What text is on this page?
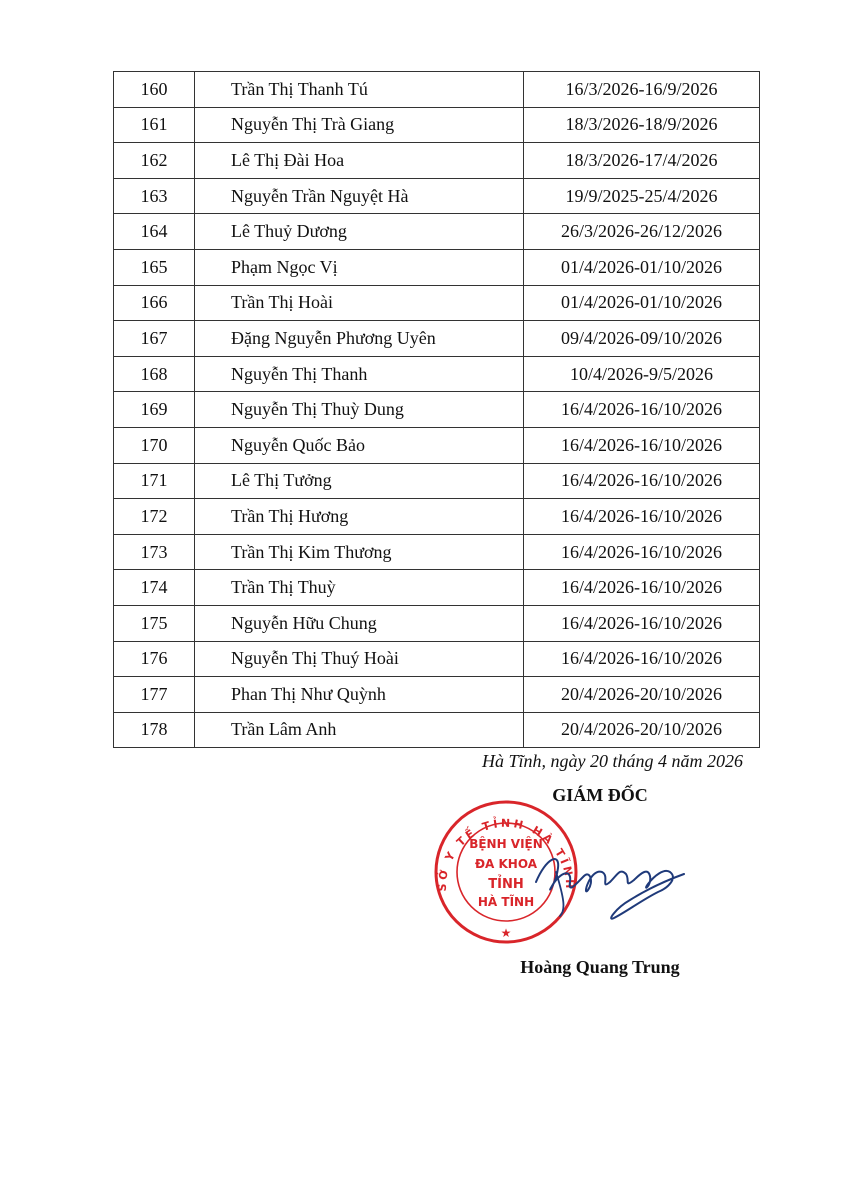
160	Trần Thị Thanh Tú	16/3/2026-16/9/2026
161	Nguyễn Thị Trà Giang	18/3/2026-18/9/2026
162	Lê Thị Đài Hoa	18/3/2026-17/4/2026
163	Nguyễn Trần Nguyệt Hà	19/9/2025-25/4/2026
164	Lê Thuỷ Dương	26/3/2026-26/12/2026
165	Phạm Ngọc Vị	01/4/2026-01/10/2026
166	Trần Thị Hoài	01/4/2026-01/10/2026
167	Đặng Nguyễn Phương Uyên	09/4/2026-09/10/2026
168	Nguyễn Thị Thanh	10/4/2026-9/5/2026
169	Nguyễn Thị Thuỳ Dung	16/4/2026-16/10/2026
170	Nguyễn Quốc Bảo	16/4/2026-16/10/2026
171	Lê Thị Tưởng	16/4/2026-16/10/2026
172	Trần Thị Hương	16/4/2026-16/10/2026
173	Trần Thị Kim Thương	16/4/2026-16/10/2026
174	Trần Thị Thuỳ	16/4/2026-16/10/2026
175	Nguyễn Hữu Chung	16/4/2026-16/10/2026
176	Nguyễn Thị Thuý Hoài	16/4/2026-16/10/2026
177	Phan Thị Như Quỳnh	20/4/2026-20/10/2026
178	Trần Lâm Anh	20/4/2026-20/10/2026
Hà Tĩnh, ngày 20 tháng 4 năm 2026
GIÁM ĐỐC
SỞ Y TẾ TỈNH HÀ TĨNH
BỆNH VIỆN
ĐA KHOA
TỈNH
HÀ TĨNH
★
Hoàng Quang Trung
